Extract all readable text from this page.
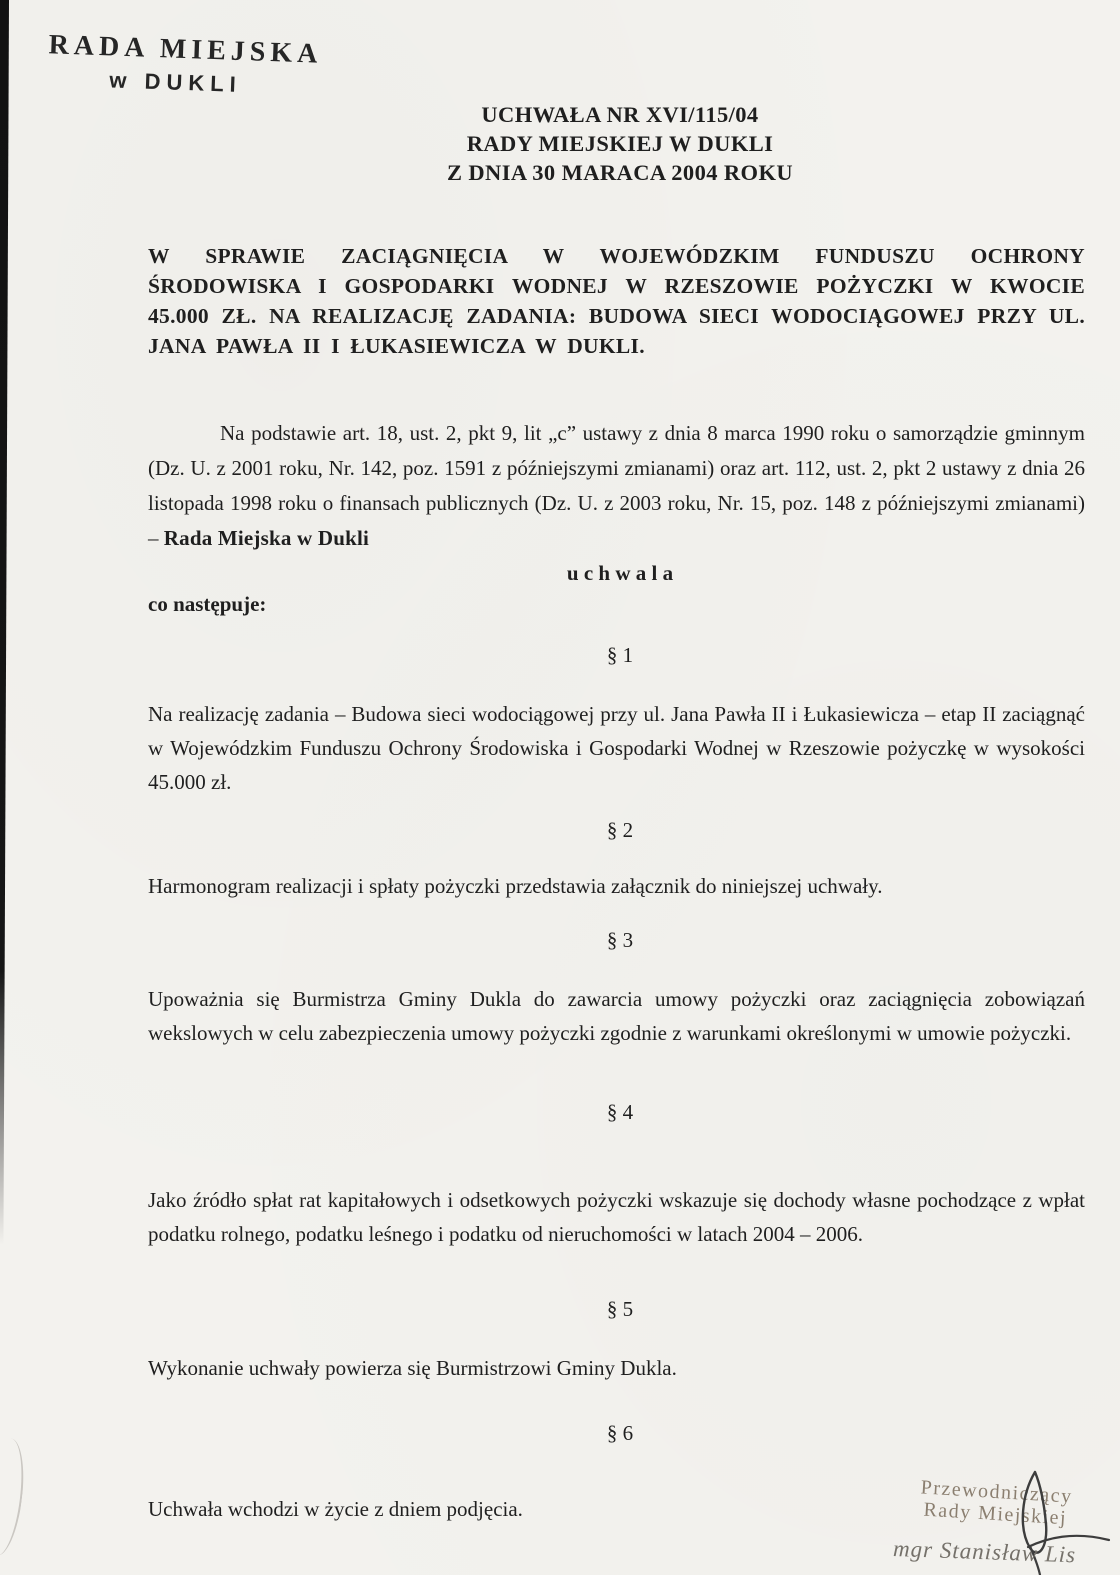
RADA MIEJSKA
w DUKLI
UCHWAŁA NR XVI/115/04
RADY MIEJSKIEJ W DUKLI
Z DNIA 30 MARACA 2004 ROKU

W SPRAWIE ZACIĄGNIĘCIA W WOJEWÓDZKIM FUNDUSZU OCHRONY ŚRODOWISKA I GOSPODARKI WODNEJ W RZESZOWIE POŻYCZKI W KWOCIE 45.000 ZŁ. NA REALIZACJĘ ZADANIA: BUDOWA SIECI WODOCIĄGOWEJ PRZY UL. JANA PAWŁA II I ŁUKASIEWICZA W DUKLI.

Na podstawie art. 18, ust. 2, pkt 9, lit „c” ustawy z dnia 8 marca 1990 roku o samorządzie gminnym (Dz. U. z 2001 roku, Nr. 142, poz. 1591 z późniejszymi zmianami) oraz art. 112, ust. 2, pkt 2 ustawy z dnia 26 listopada 1998 roku o finansach publicznych (Dz. U. z 2003 roku, Nr. 15, poz. 148 z późniejszymi zmianami) – Rada Miejska w Dukli

u c h w a l a
co następuje:
§ 1

Na realizację zadania – Budowa sieci wodociągowej przy ul. Jana Pawła II i Łukasiewicza – etap II zaciągnąć w Wojewódzkim Funduszu Ochrony Środowiska i Gospodarki Wodnej w Rzeszowie pożyczkę w wysokości 45.000 zł.

§ 2

Harmonogram realizacji i spłaty pożyczki przedstawia załącznik do niniejszej uchwały.

§ 3

Upoważnia się Burmistrza Gminy Dukla do zawarcia umowy pożyczki oraz zaciągnięcia zobowiązań wekslowych w celu zabezpieczenia umowy pożyczki zgodnie z warunkami określonymi w umowie pożyczki.

§ 4

Jako źródło spłat rat kapitałowych i odsetkowych pożyczki wskazuje się dochody własne pochodzące z wpłat podatku rolnego, podatku leśnego i podatku od nieruchomości w latach 2004 – 2006.

§ 5

Wykonanie uchwały powierza się Burmistrzowi Gminy Dukla.

§ 6

Uchwała wchodzi w życie z dniem podjęcia.

Przewodniczący
Rady Miejskiej
mgr Stanisław Lis
